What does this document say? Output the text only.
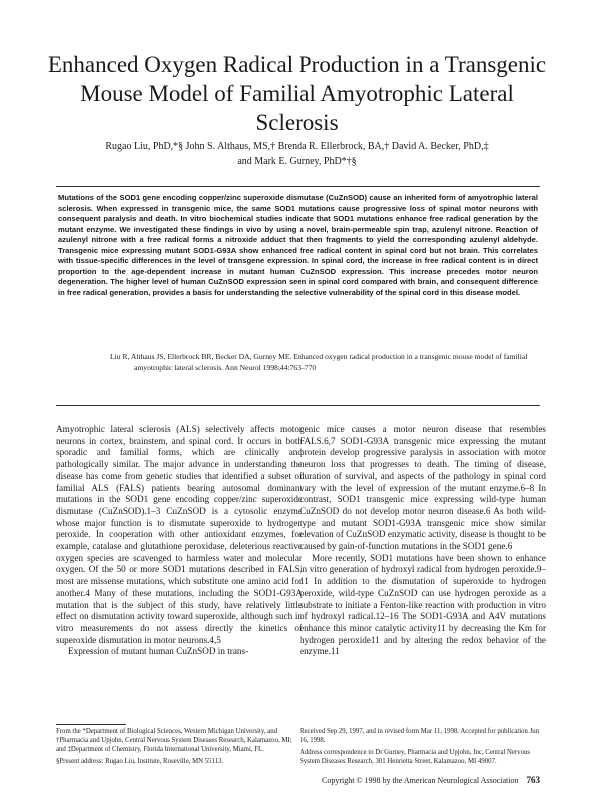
Enhanced Oxygen Radical Production in a Transgenic Mouse Model of Familial Amyotrophic Lateral Sclerosis
Rugao Liu, PhD,*§ John S. Althaus, MS,† Brenda R. Ellerbrock, BA,† David A. Becker, PhD,‡
and Mark E. Gurney, PhD*†§
Mutations of the SOD1 gene encoding copper/zinc superoxide dismutase (CuZnSOD) cause an inherited form of amyotrophic lateral sclerosis. When expressed in transgenic mice, the same SOD1 mutations cause progressive loss of spinal motor neurons with consequent paralysis and death. In vitro biochemical studies indicate that SOD1 mutations enhance free radical generation by the mutant enzyme. We investigated these findings in vivo by using a novel, brain-permeable spin trap, azulenyl nitrone. Reaction of azulenyl nitrone with a free radical forms a nitroxide adduct that then fragments to yield the corresponding azulenyl aldehyde. Transgenic mice expressing mutant SOD1-G93A show enhanced free radical content in spinal cord but not brain. This correlates with tissue-specific differences in the level of transgene expression. In spinal cord, the increase in free radical content is in direct proportion to the age-dependent increase in mutant human CuZnSOD expression. This increase precedes motor neuron degeneration. The higher level of human CuZnSOD expression seen in spinal cord compared with brain, and consequent difference in free radical generation, provides a basis for understanding the selective vulnerability of the spinal cord in this disease model.
Liu R, Althaus JS, Ellerbrock BR, Becker DA, Gurney ME. Enhanced oxygen radical production in a transgenic mouse model of familial amyotrophic lateral sclerosis. Ann Neurol 1998;44:763–770

Amyotrophic lateral sclerosis (ALS) selectively affects motor neurons in cortex, brainstem, and spinal cord. It occurs in both sporadic and familial forms, which are clinically and pathologically similar. The major advance in understanding the disease has come from genetic studies that identified a subset of familial ALS (FALS) patients bearing autosomal dominant mutations in the SOD1 gene encoding copper/zinc superoxide dismutase (CuZnSOD).1–3 CuZnSOD is a cytosolic enzyme whose major function is to dismutate superoxide to hydrogen peroxide. In cooperation with other antioxidant enzymes, for example, catalase and glutathione peroxidase, deleterious reactive oxygen species are scavenged to harmless water and molecular oxygen. Of the 50 or more SOD1 mutations described in FALS, most are missense mutations, which substitute one amino acid for another.4 Many of these mutations, including the SOD1-G93A mutation that is the subject of this study, have relatively little effect on dismutation activity toward superoxide, although such in vitro measurements do not assess directly the kinetics of superoxide dismutation in motor neurons.4,5

Expression of mutant human CuZnSOD in trans-

genic mice causes a motor neuron disease that resembles FALS.6,7 SOD1-G93A transgenic mice expressing the mutant protein develop progressive paralysis in association with motor neuron loss that progresses to death. The timing of disease, duration of survival, and aspects of the pathology in spinal cord vary with the level of expression of the mutant enzyme.6–8 In contrast, SOD1 transgenic mice expressing wild-type human CuZnSOD do not develop motor neuron disease.6 As both wild-type and mutant SOD1-G93A transgenic mice show similar elevation of CuZnSOD enzymatic activity, disease is thought to be caused by gain-of-function mutations in the SOD1 gene.6

More recently, SOD1 mutations have been shown to enhance in vitro generation of hydroxyl radical from hydrogen peroxide.9–11 In addition to the dismutation of superoxide to hydrogen peroxide, wild-type CuZnSOD can use hydrogen peroxide as a substrate to initiate a Fenton-like reaction with production in vitro of hydroxyl radical.12–16 The SOD1-G93A and A4V mutations enhance this minor catalytic activity11 by decreasing the Km for hydrogen peroxide11 and by altering the redox behavior of the enzyme.11

From the *Department of Biological Sciences, Western Michigan University, and †Pharmacia and Upjohn, Central Nervous System Diseases Research, Kalamazoo, MI; and ‡Department of Chemistry, Florida International University, Miami, FL.

§Present address: Rugao Liu, Institute, Roseville, MN 55113.

Received Sep 29, 1997, and in revised form Mar 11, 1998. Accepted for publication Jun 16, 1998.

Address correspondence to Dr Gurney, Pharmacia and Upjohn, Inc, Central Nervous System Diseases Research, 301 Henrietta Street, Kalamazoo, MI 49007.

Copyright © 1998 by the American Neurological Association 763
